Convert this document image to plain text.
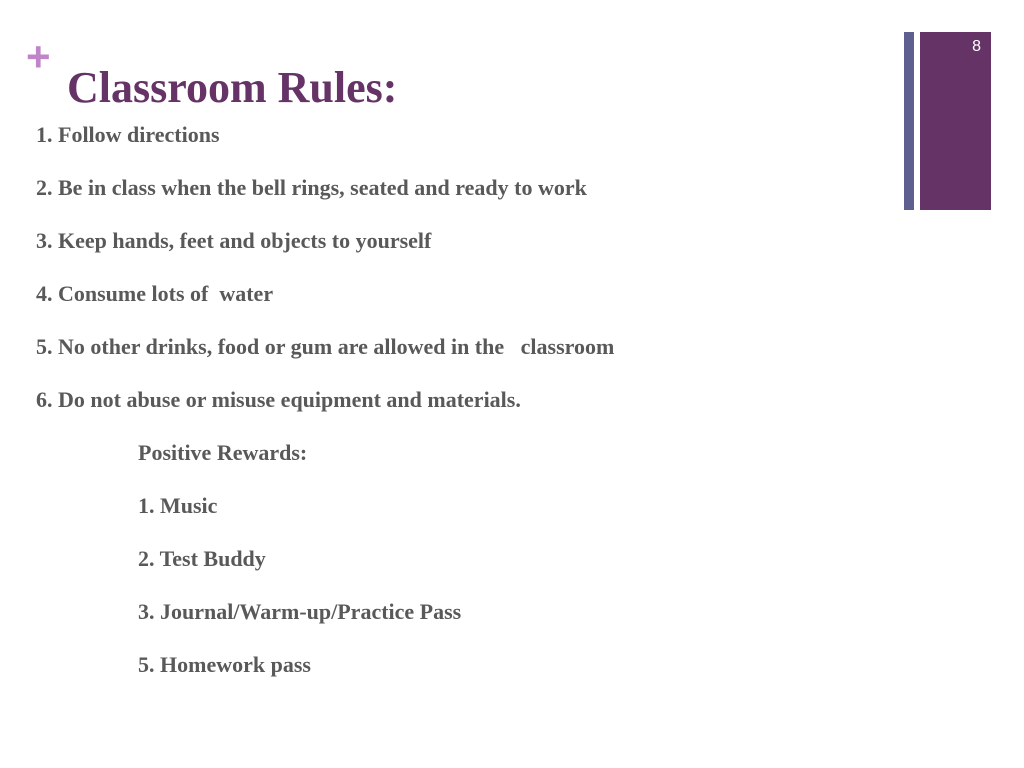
+
Classroom Rules:
8

1. Follow directions

2. Be in class when the bell rings, seated and ready to work

3. Keep hands, feet and objects to yourself

4. Consume lots of  water

5. No other drinks, food or gum are allowed in the   classroom

6. Do not abuse or misuse equipment and materials.

Positive Rewards:

1. Music

2. Test Buddy

3. Journal/Warm-up/Practice Pass

5. Homework pass
